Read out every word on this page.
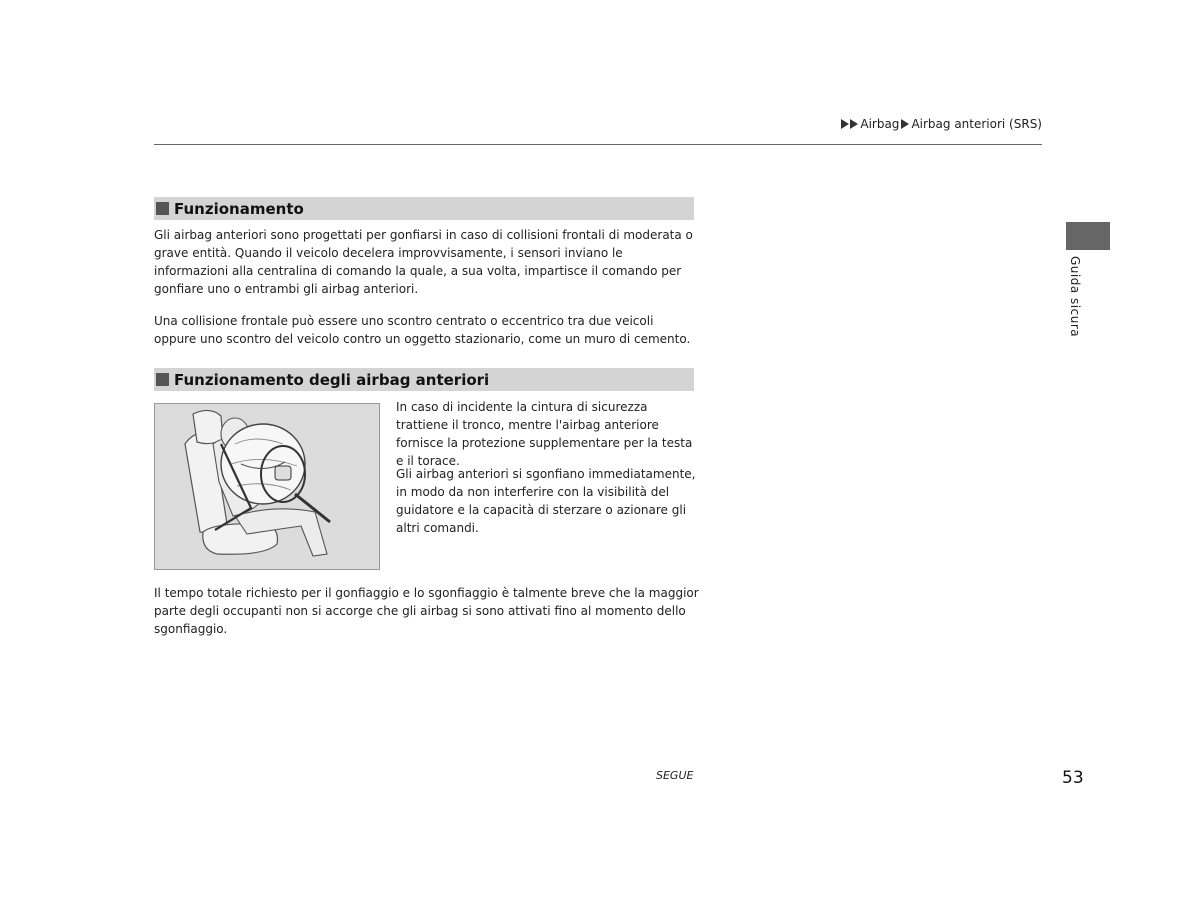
Airbag Airbag anteriori (SRS)
Funzionamento
Gli airbag anteriori sono progettati per gonfiarsi in caso di collisioni frontali di moderata o grave entità. Quando il veicolo decelera improvvisamente, i sensori inviano le informazioni alla centralina di comando la quale, a sua volta, impartisce il comando per gonfiare uno o entrambi gli airbag anteriori.
Una collisione frontale può essere uno scontro centrato o eccentrico tra due veicoli oppure uno scontro del veicolo contro un oggetto stazionario, come un muro di cemento.
Funzionamento degli airbag anteriori
In caso di incidente la cintura di sicurezza trattiene il tronco, mentre l'airbag anteriore fornisce la protezione supplementare per la testa e il torace.
Gli airbag anteriori si sgonfiano immediatamente, in modo da non interferire con la visibilità del guidatore e la capacità di sterzare o azionare gli altri comandi.
Il tempo totale richiesto per il gonfiaggio e lo sgonfiaggio è talmente breve che la maggior parte degli occupanti non si accorge che gli airbag si sono attivati fino al momento dello sgonfiaggio.
Guida sicura
SEGUE	53
